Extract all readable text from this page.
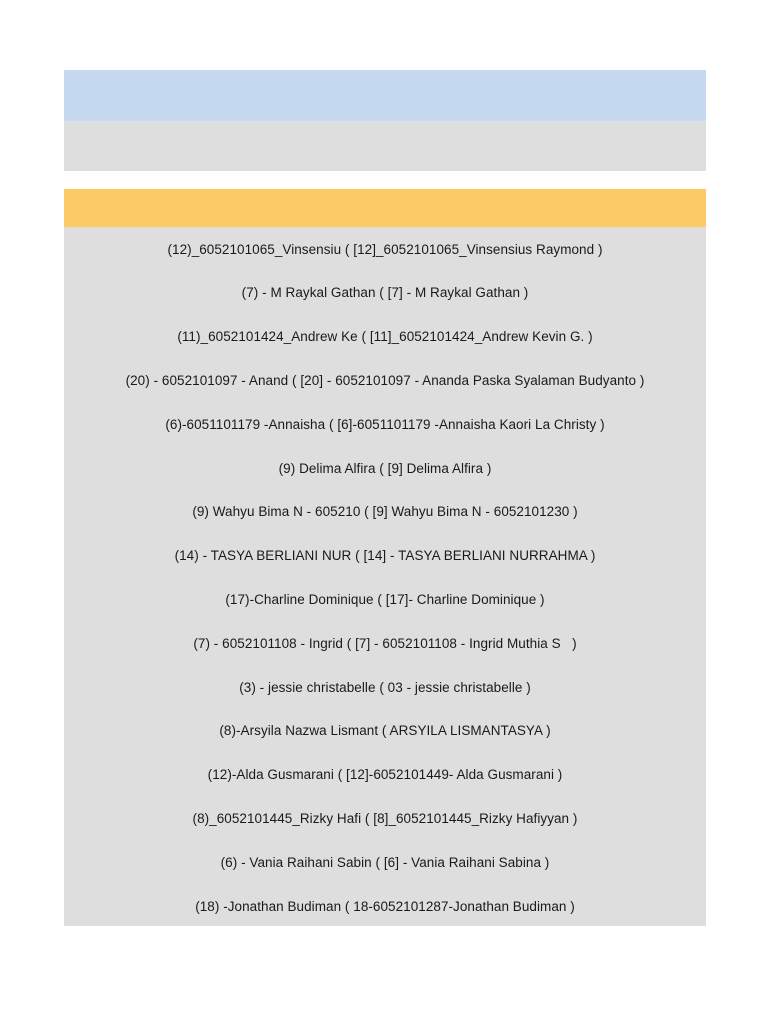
(12)_6052101065_Vinsensiu ( [12]_6052101065_Vinsensius Raymond )
(7) - M Raykal Gathan ( [7] - M Raykal Gathan )
(11)_6052101424_Andrew Ke ( [11]_6052101424_Andrew Kevin G. )
(20) - 6052101097 - Anand ( [20] - 6052101097 - Ananda Paska Syalaman Budyanto )
(6)-6051101179 -Annaisha ( [6]-6051101179 -Annaisha Kaori La Christy )
(9) Delima Alfira ( [9] Delima Alfira )
(9) Wahyu Bima N - 605210 ( [9] Wahyu Bima N - 6052101230 )
(14) - TASYA BERLIANI NUR ( [14] - TASYA BERLIANI NURRAHMA )
(17)-Charline Dominique ( [17]- Charline Dominique )
(7) - 6052101108 - Ingrid ( [7] - 6052101108 - Ingrid Muthia S   )
(3) - jessie christabelle ( 03 - jessie christabelle )
(8)-Arsyila Nazwa Lismant ( ARSYILA LISMANTASYA )
(12)-Alda Gusmarani ( [12]-6052101449- Alda Gusmarani )
(8)_6052101445_Rizky Hafi ( [8]_6052101445_Rizky Hafiyyan )
(6) - Vania Raihani Sabin ( [6] - Vania Raihani Sabina )
(18) -Jonathan Budiman ( 18-6052101287-Jonathan Budiman )
